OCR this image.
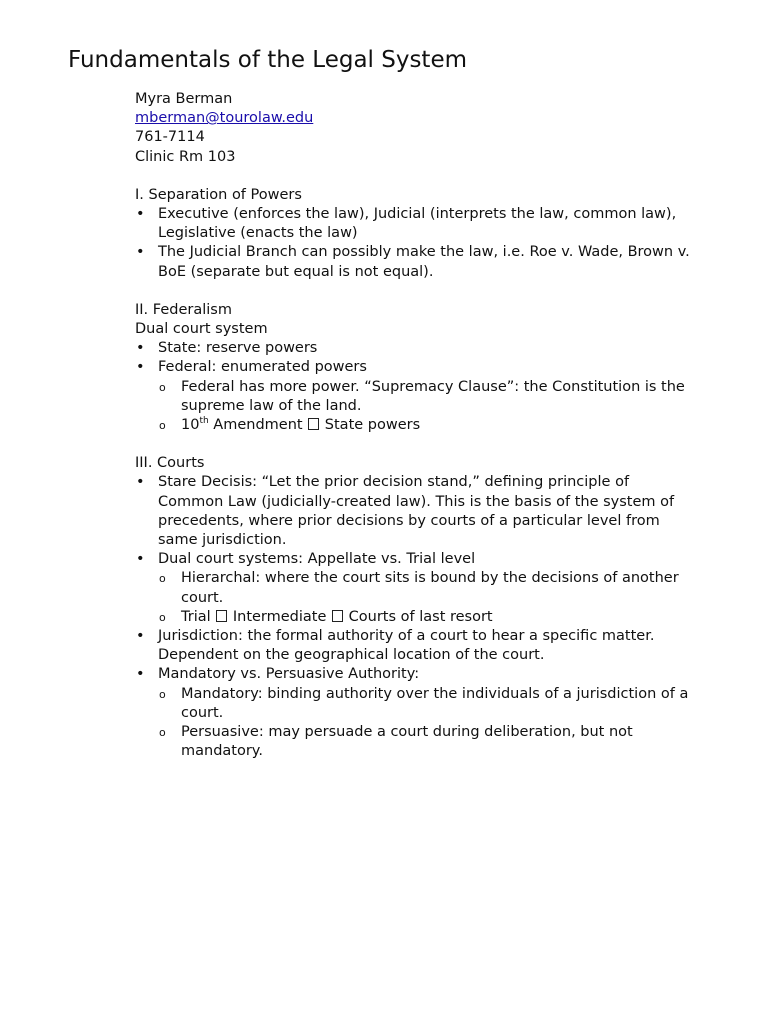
Fundamentals of the Legal System

Myra Berman

mberman@tourolaw.edu

761-7114

Clinic Rm 103

I. Separation of Powers

• Executive (enforces the law), Judicial (interprets the law, common law), Legislative (enacts the law)
• The Judicial Branch can possibly make the law, i.e. Roe v. Wade, Brown v. BoE (separate but equal is not equal).

II. Federalism

Dual court system

• State: reserve powers
• Federal: enumerated powers
o Federal has more power. “Supremacy Clause”: the Constitution is the supreme law of the land.
o 10th Amendment  State powers

III. Courts

• Stare Decisis: “Let the prior decision stand,” defining principle of Common Law (judicially-created law). This is the basis of the system of precedents, where prior decisions by courts of a particular level from same jurisdiction.
• Dual court systems: Appellate vs. Trial level
o Hierarchal: where the court sits is bound by the decisions of another court.
o Trial  Intermediate  Courts of last resort
• Jurisdiction: the formal authority of a court to hear a specific matter. Dependent on the geographical location of the court.
• Mandatory vs. Persuasive Authority:
o Mandatory: binding authority over the individuals of a jurisdiction of a court.
o Persuasive: may persuade a court during deliberation, but not mandatory.
